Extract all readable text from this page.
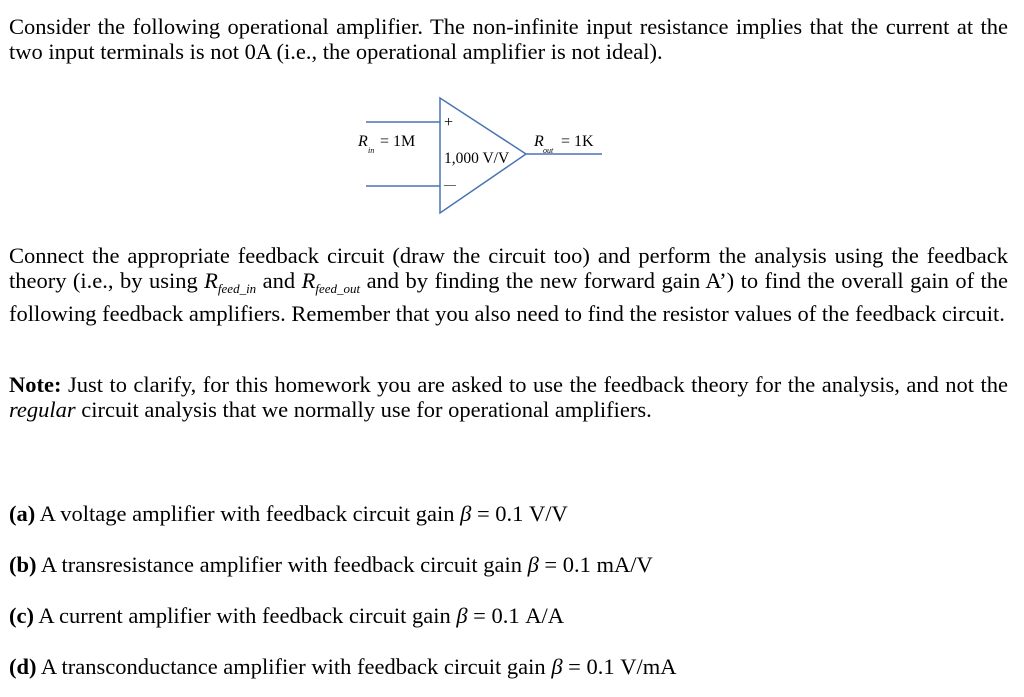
Consider the following operational amplifier. The non-infinite input resistance implies that the current at the two input terminals is not 0A (i.e., the operational amplifier is not ideal).

+
—
1,000 V/V
R
in
= 1M	R
out
= 1K

Connect the appropriate feedback circuit (draw the circuit too) and perform the analysis using the feedback theory (i.e., by using $R_{feed\_in}$ and $R_{feed\_out}$ and by finding the new forward gain A’) to find the overall gain of the following feedback amplifiers. Remember that you also need to find the resistor values of the feedback circuit.

Note: Just to clarify, for this homework you are asked to use the feedback theory for the analysis, and not the regular circuit analysis that we normally use for operational amplifiers.

(a) A voltage amplifier with feedback circuit gain β = 0.1 V/V

(b) A transresistance amplifier with feedback circuit gain β = 0.1 mA/V

(c) A current amplifier with feedback circuit gain β = 0.1 A/A

(d) A transconductance amplifier with feedback circuit gain β = 0.1 V/mA
